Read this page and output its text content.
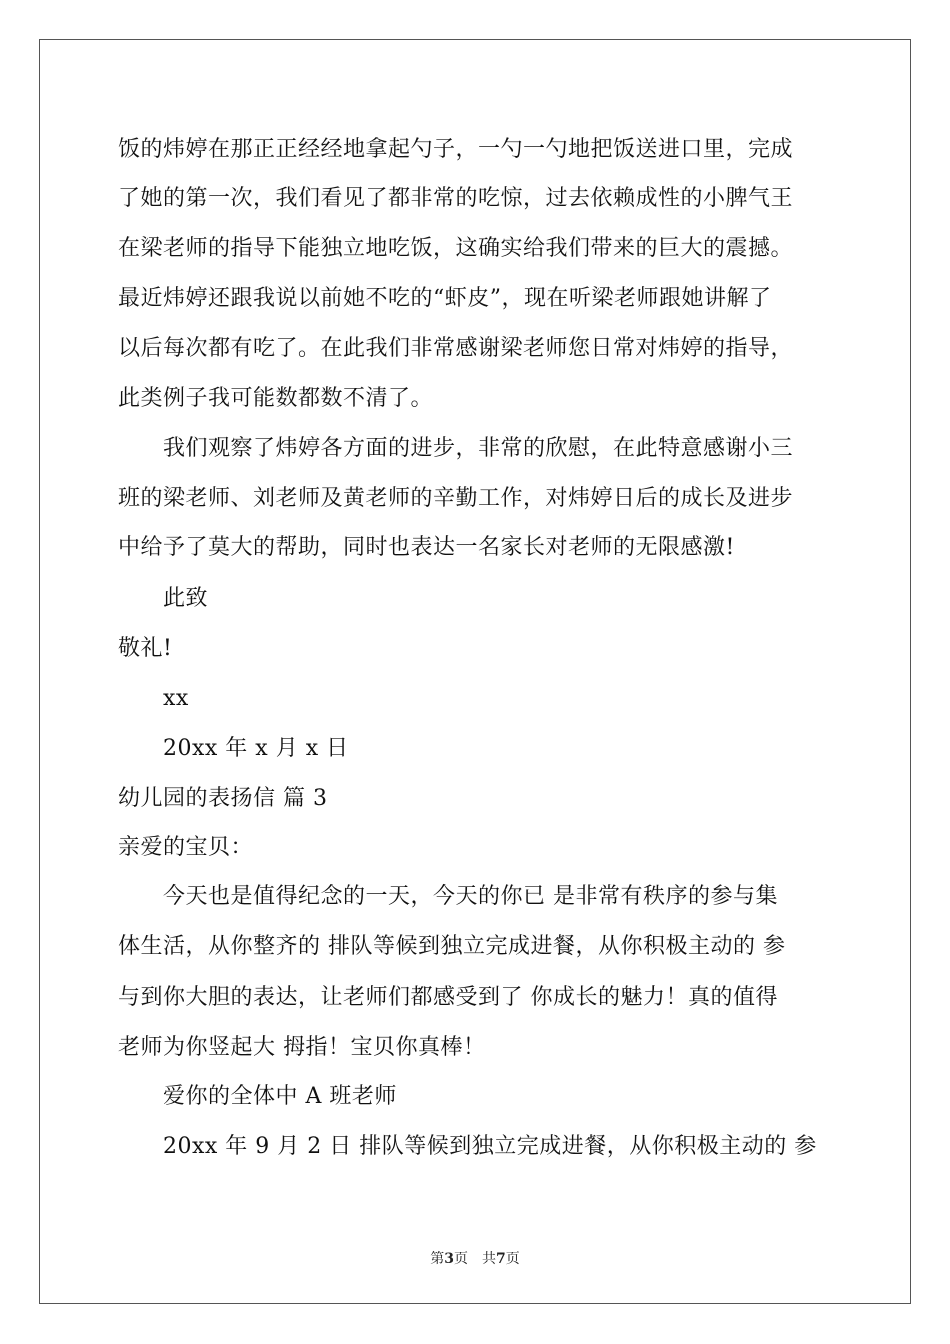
饭的炜婷在那正正经经地拿起勺子，一勺一勺地把饭送进口里，完成
了她的第一次，我们看见了都非常的吃惊，过去依赖成性的小脾气王
在梁老师的指导下能独立地吃饭，这确实给我们带来的巨大的震撼。
最近炜婷还跟我说以前她不吃的“虾皮”，现在听梁老师跟她讲解了
以后每次都有吃了。在此我们非常感谢梁老师您日常对炜婷的指导，
此类例子我可能数都数不清了。
我们观察了炜婷各方面的进步，非常的欣慰，在此特意感谢小三
班的梁老师、刘老师及黄老师的辛勤工作，对炜婷日后的成长及进步
中给予了莫大的帮助，同时也表达一名家长对老师的无限感激!
此致
敬礼!
xx
20xx 年 x 月 x 日
幼儿园的表扬信 篇 3
亲爱的宝贝：
今天也是值得纪念的一天，今天的你已 是非常有秩序的参与集
体生活，从你整齐的 排队等候到独立完成进餐，从你积极主动的 参
与到你大胆的表达，让老师们都感受到了 你成长的魅力！真的值得
老师为你竖起大 拇指！宝贝你真棒！
爱你的全体中 A 班老师
20xx 年 9 月 2 日 排队等候到独立完成进餐，从你积极主动的 参
第3页　共7页
